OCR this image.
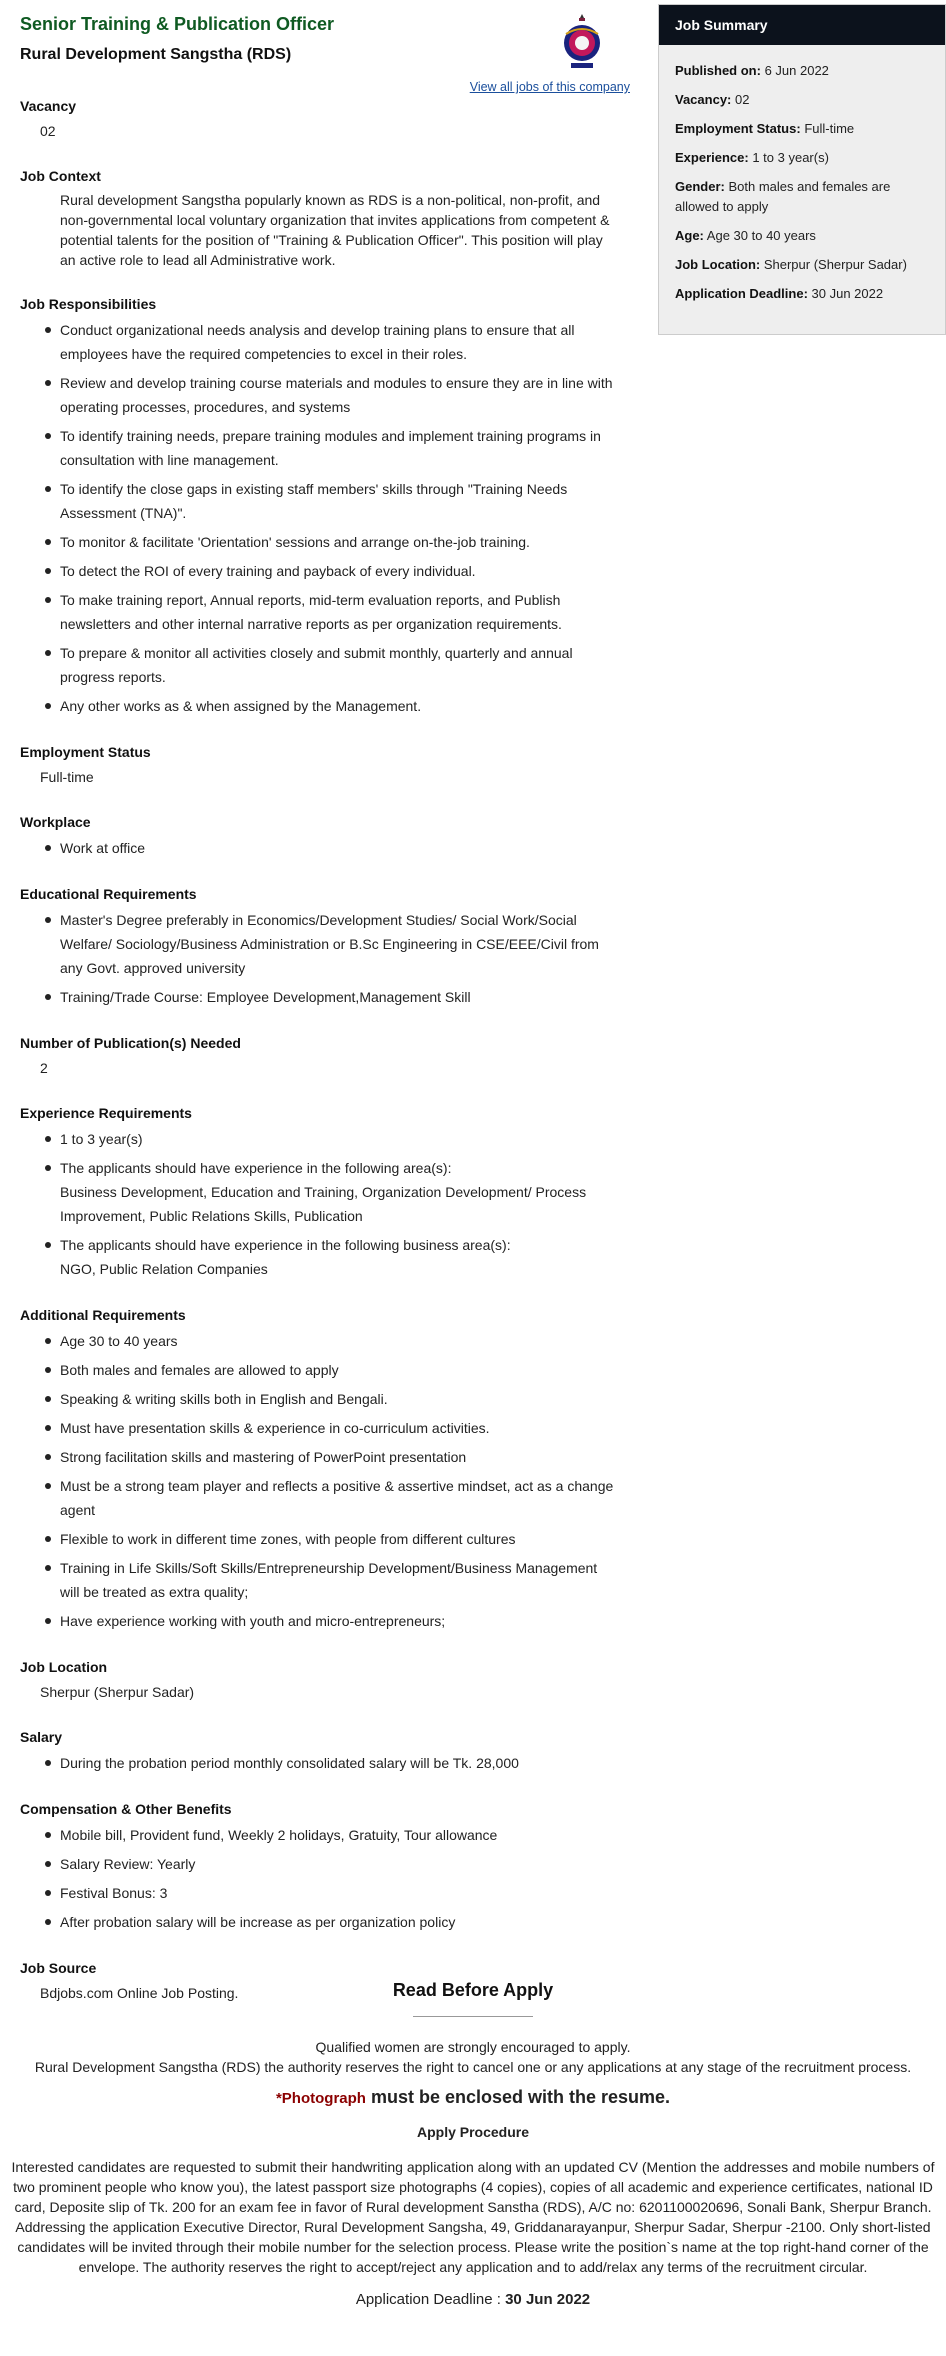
Senior Training & Publication Officer
Rural Development Sangstha (RDS)
View all jobs of this company
Vacancy
02
Job Context

Rural development Sangstha popularly known as RDS is a non-political, non-profit, and non-governmental local voluntary organization that invites applications from competent & potential talents for the position of "Training & Publication Officer". This position will play an active role to lead all Administrative work.

Job Responsibilities
Conduct organizational needs analysis and develop training plans to ensure that all employees have the required competencies to excel in their roles.
Review and develop training course materials and modules to ensure they are in line with operating processes, procedures, and systems
To identify training needs, prepare training modules and implement training programs in consultation with line management.
To identify the close gaps in existing staff members' skills through "Training Needs Assessment (TNA)".
To monitor & facilitate 'Orientation' sessions and arrange on-the-job training.
To detect the ROI of every training and payback of every individual.
To make training report, Annual reports, mid-term evaluation reports, and Publish newsletters and other internal narrative reports as per organization requirements.
To prepare & monitor all activities closely and submit monthly, quarterly and annual progress reports.
Any other works as & when assigned by the Management.
Employment Status
Full-time
Workplace
Work at office
Educational Requirements
Master's Degree preferably in Economics/Development Studies/ Social Work/Social Welfare/ Sociology/Business Administration or B.Sc Engineering in CSE/EEE/Civil from any Govt. approved university
Training/Trade Course: Employee Development,Management Skill
Number of Publication(s) Needed
2
Experience Requirements
1 to 3 year(s)
The applicants should have experience in the following area(s):
Business Development, Education and Training, Organization Development/ Process Improvement, Public Relations Skills, Publication
The applicants should have experience in the following business area(s):
NGO, Public Relation Companies
Additional Requirements
Age 30 to 40 years
Both males and females are allowed to apply
Speaking & writing skills both in English and Bengali.
Must have presentation skills & experience in co-curriculum activities.
Strong facilitation skills and mastering of PowerPoint presentation
Must be a strong team player and reflects a positive & assertive mindset, act as a change agent
Flexible to work in different time zones, with people from different cultures
Training in Life Skills/Soft Skills/Entrepreneurship Development/Business Management will be treated as extra quality;
Have experience working with youth and micro-entrepreneurs;
Job Location
Sherpur (Sherpur Sadar)
Salary
During the probation period monthly consolidated salary will be Tk. 28,000
Compensation & Other Benefits
Mobile bill, Provident fund, Weekly 2 holidays, Gratuity, Tour allowance
Salary Review: Yearly
Festival Bonus: 3
After probation salary will be increase as per organization policy
Job Source
Bdjobs.com Online Job Posting.
Job Summary
Published on: 6 Jun 2022
Vacancy: 02
Employment Status: Full-time
Experience: 1 to 3 year(s)
Gender: Both males and females are allowed to apply
Age: Age 30 to 40 years
Job Location: Sherpur (Sherpur Sadar)
Application Deadline: 30 Jun 2022
Read Before Apply
Qualified women are strongly encouraged to apply.
Rural Development Sangstha (RDS) the authority reserves the right to cancel one or any applications at any stage of the recruitment process.
*Photograph must be enclosed with the resume.
Apply Procedure
Interested candidates are requested to submit their handwriting application along with an updated CV (Mention the addresses and mobile numbers of two prominent people who know you), the latest passport size photographs (4 copies), copies of all academic and experience certificates, national ID card, Deposite slip of Tk. 200 for an exam fee in favor of Rural development Sanstha (RDS), A/C no: 6201100020696, Sonali Bank, Sherpur Branch. Addressing the application Executive Director, Rural Development Sangsha, 49, Griddanarayanpur, Sherpur Sadar, Sherpur -2100. Only short-listed candidates will be invited through their mobile number for the selection process. Please write the position`s name at the top right-hand corner of the envelope. The authority reserves the right to accept/reject any application and to add/relax any terms of the recruitment circular.
Application Deadline : 30 Jun 2022
